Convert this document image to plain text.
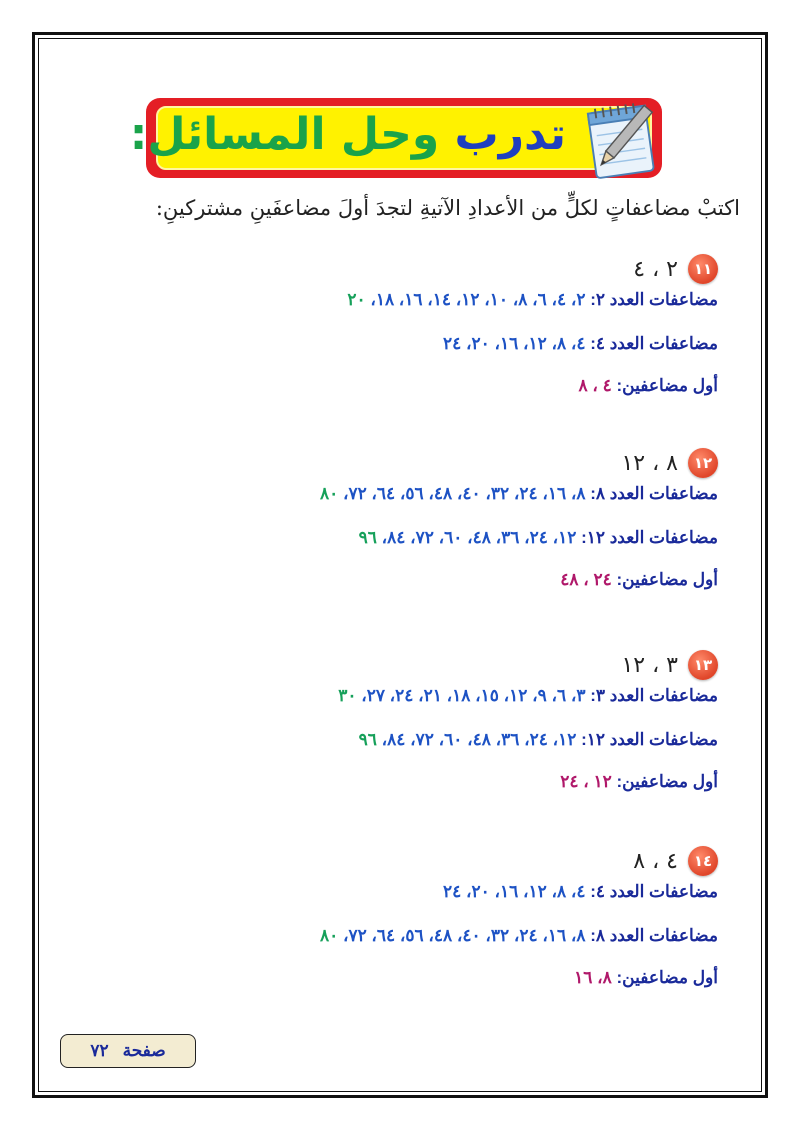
تدرب وحل المسائل:
اكتبْ مضاعفاتٍ لكلٍّ من الأعدادِ الآتيةِ لتجدَ أولَ مضاعفَينِ مشتركينِ:
١١
٢ ، ٤
مضاعفات العدد ٢: ٢، ٤، ٦، ٨، ١٠، ١٢، ١٤، ١٦، ١٨، ٢٠
مضاعفات العدد ٤: ٤، ٨، ١٢، ١٦، ٢٠، ٢٤
أول مضاعفين: ٤ ، ٨
١٢
٨ ، ١٢
مضاعفات العدد ٨: ٨، ١٦، ٢٤، ٣٢، ٤٠، ٤٨، ٥٦، ٦٤، ٧٢، ٨٠
مضاعفات العدد ١٢: ١٢، ٢٤، ٣٦، ٤٨، ٦٠، ٧٢، ٨٤، ٩٦
أول مضاعفين: ٢٤ ، ٤٨
١٣
٣ ، ١٢
مضاعفات العدد ٣: ٣، ٦، ٩، ١٢، ١٥، ١٨، ٢١، ٢٤، ٢٧، ٣٠
مضاعفات العدد ١٢: ١٢، ٢٤، ٣٦، ٤٨، ٦٠، ٧٢، ٨٤، ٩٦
أول مضاعفين: ١٢ ، ٢٤
١٤
٤ ، ٨
مضاعفات العدد ٤: ٤، ٨، ١٢، ١٦، ٢٠، ٢٤
مضاعفات العدد ٨: ٨، ١٦، ٢٤، ٣٢، ٤٠، ٤٨، ٥٦، ٦٤، ٧٢، ٨٠
أول مضاعفين: ٨، ١٦
صفحة
٧٢
